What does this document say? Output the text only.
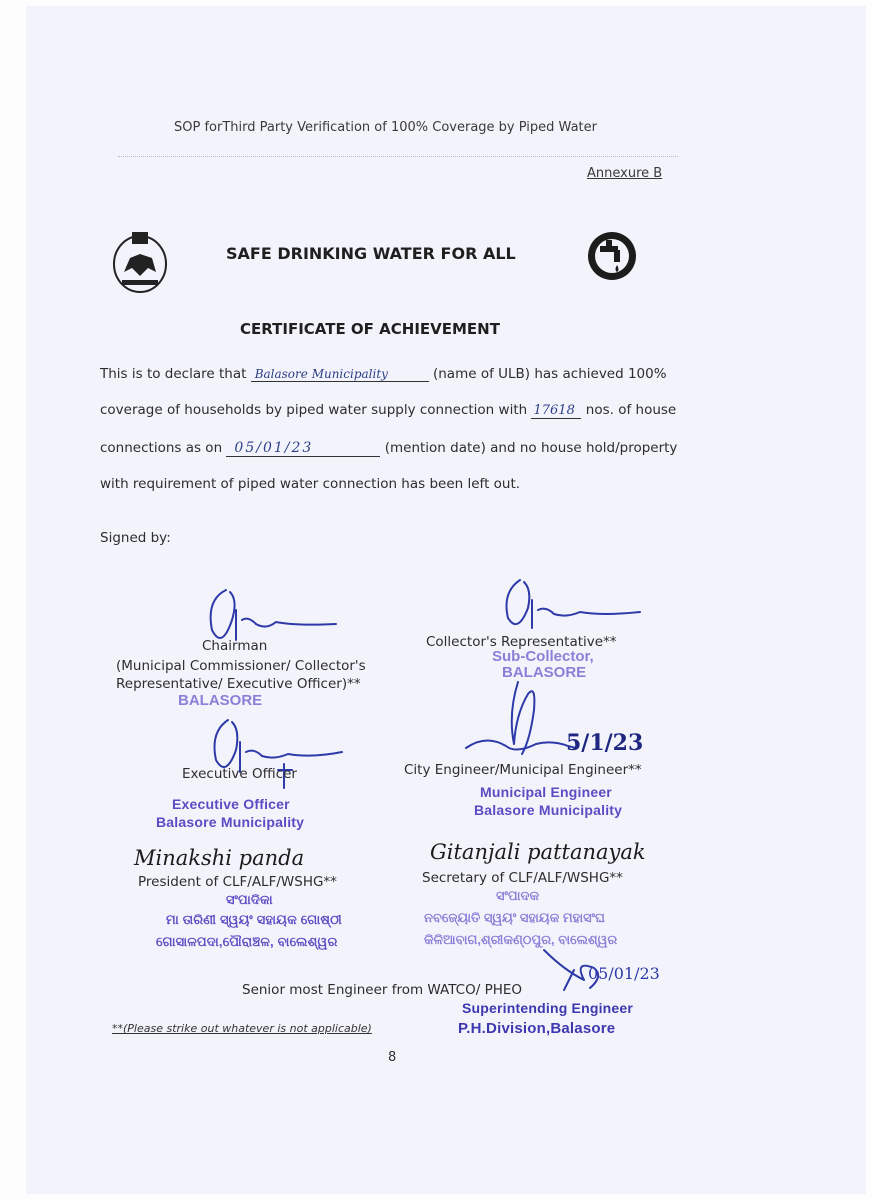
SOP forThird Party Verification of 100% Coverage by Piped Water
Annexure B
SAFE DRINKING WATER FOR ALL
CERTIFICATE OF ACHIEVEMENT
This is to declare that Balasore Municipality	(name of ULB) has achieved 100%
coverage of households by piped water supply connection with 17618 nos. of house
connections as on 05/01/23	(mention date) and no house hold/property
with requirement of piped water connection has been left out.
Signed by:
Chairman
(Municipal Commissioner/ Collector's
Representative/ Executive Officer)**
BALASORE
Collector's Representative**
Sub-Collector,
BALASORE
Executive Officer
Executive Officer
Balasore Municipality
5/1/23
City Engineer/Municipal Engineer**
Municipal Engineer
Balasore Municipality
Minakshi panda
President of CLF/ALF/WSHG**
ସଂପାଦିକା
ମା ତାରିଣୀ ସ୍ୱୟଂ ସହାୟକ ଗୋଷ୍ଠୀ
ଗୋସାଳପଦା,ପୌରାଞ୍ଚଳ, ବାଲେଶ୍ୱର
Gitanjali pattanayak
Secretary of CLF/ALF/WSHG**
ସଂପାଦକ
ନବଜ୍ୟୋତି ସ୍ୱୟଂ ସହାୟକ ମହାସଂଘ
କିଳିଆବାଗ,ଶ୍ରୀକଣ୍ଠପୁର, ବାଲେଶ୍ୱର
05/01/23
Senior most Engineer from WATCO/ PHEO
Superintending Engineer
P.H.Division,Balasore
**(Please strike out whatever is not applicable)
8
